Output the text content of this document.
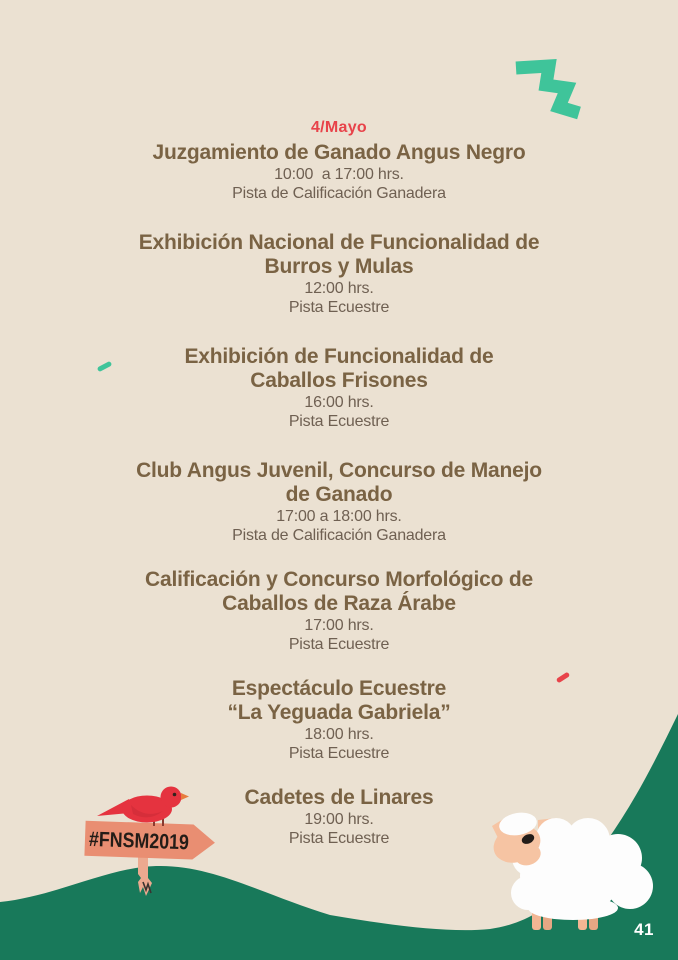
4/Mayo
Juzgamiento de Ganado Angus Negro
10:00  a 17:00 hrs.
Pista de Calificación Ganadera
Exhibición Nacional de Funcionalidad de
Burros y Mulas
12:00 hrs.
Pista Ecuestre
Exhibición de Funcionalidad de
Caballos Frisones
16:00 hrs.
Pista Ecuestre
Club Angus Juvenil, Concurso de Manejo
de Ganado
17:00 a 18:00 hrs.
Pista de Calificación Ganadera
Calificación y Concurso Morfológico de
Caballos de Raza Árabe
17:00 hrs.
Pista Ecuestre
Espectáculo Ecuestre
“La Yeguada Gabriela”
18:00 hrs.
Pista Ecuestre
Cadetes de Linares
19:00 hrs.
Pista Ecuestre
#FNSM2019
41
